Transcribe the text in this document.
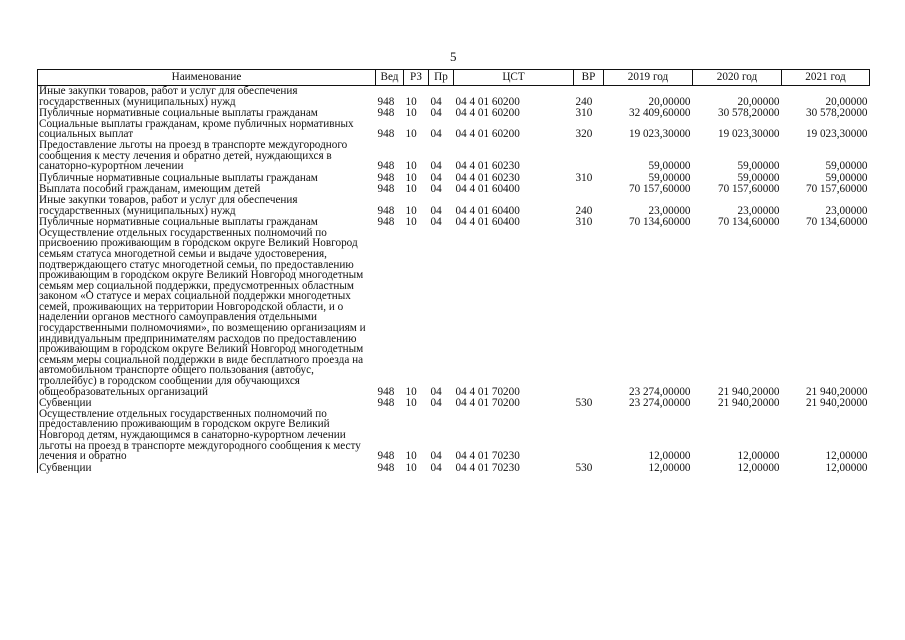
5
Наименование	Вед	РЗ	Пр	ЦСТ	ВР	2019 год	2020 год	2021 год
Иные закупки товаров, работ и услуг для обеспечения государственных (муниципальных) нужд	948	10	04	04 4 01 60200	240	20,00000	20,00000	20,00000
Публичные нормативные социальные выплаты гражданам	948	10	04	04 4 01 60200	310	32 409,60000	30 578,20000	30 578,20000
Социальные выплаты гражданам, кроме публичных нормативных социальных выплат	948	10	04	04 4 01 60200	320	19 023,30000	19 023,30000	19 023,30000
Предоставление льготы на проезд в транспорте междугородного сообщения к месту лечения и обратно детей, нуждающихся в санаторно-курортном лечении	948	10	04	04 4 01 60230		59,00000	59,00000	59,00000
Публичные нормативные социальные выплаты гражданам	948	10	04	04 4 01 60230	310	59,00000	59,00000	59,00000
Выплата пособий гражданам, имеющим детей	948	10	04	04 4 01 60400		70 157,60000	70 157,60000	70 157,60000
Иные закупки товаров, работ и услуг для обеспечения государственных (муниципальных) нужд	948	10	04	04 4 01 60400	240	23,00000	23,00000	23,00000
Публичные нормативные социальные выплаты гражданам	948	10	04	04 4 01 60400	310	70 134,60000	70 134,60000	70 134,60000
Осуществление отдельных государственных полномочий по присвоению проживающим в городском округе Великий Новгород семьям статуса многодетной семьи и выдаче удостоверения, подтверждающего статус многодетной семьи, по предоставлению проживающим в городском округе Великий Новгород многодетным семьям мер социальной поддержки, предусмотренных областным законом «О статусе и мерах социальной поддержки многодетных семей, проживающих на территории Новгородской области, и о наделении органов местного самоуправления отдельными государственными полномочиями», по возмещению организациям и индивидуальным предпринимателям расходов по предоставлению проживающим в городском округе Великий Новгород многодетным семьям меры социальной поддержки в виде бесплатного проезда на автомобильном транспорте общего пользования (автобус, троллейбус) в городском сообщении для обучающихся общеобразовательных организаций	948	10	04	04 4 01 70200		23 274,00000	21 940,20000	21 940,20000
Субвенции	948	10	04	04 4 01 70200	530	23 274,00000	21 940,20000	21 940,20000
Осуществление отдельных государственных полномочий по предоставлению проживающим в городском округе Великий Новгород детям, нуждающимся в санаторно-курортном лечении льготы на проезд в транспорте междугородного сообщения к месту лечения и обратно	948	10	04	04 4 01 70230		12,00000	12,00000	12,00000
Субвенции	948	10	04	04 4 01 70230	530	12,00000	12,00000	12,00000
